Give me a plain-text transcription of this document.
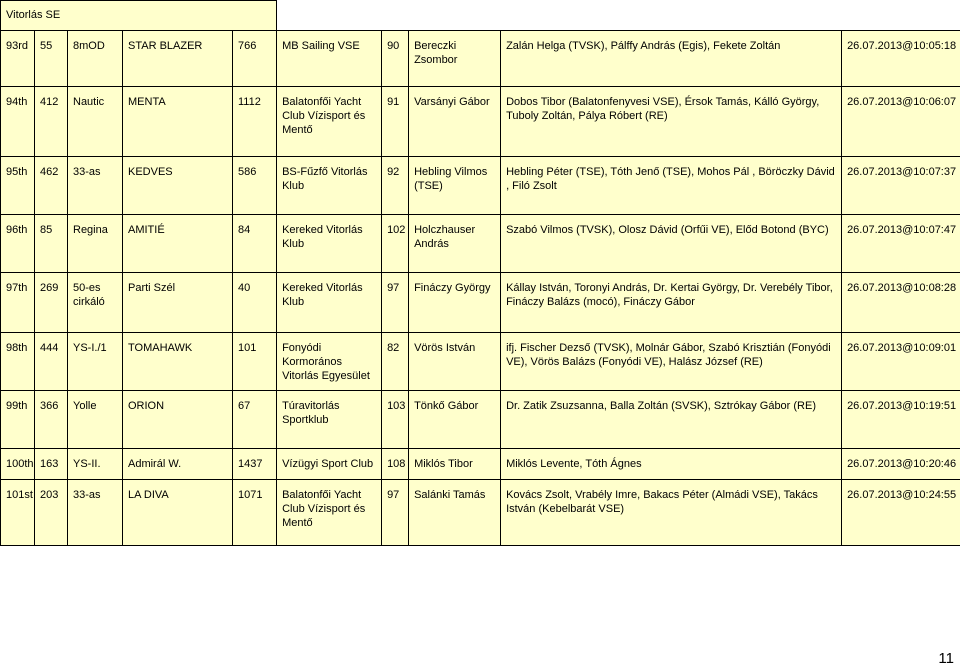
Vitorlás SE									
93rd	55	8mOD	STAR BLAZER	766	MB Sailing VSE	90	Bereczki Zsombor	Zalán Helga (TVSK), Pálffy András (Egis), Fekete Zoltán	26.07.2013@10:05:18
94th	412	Nautic	MENTA	1112	Balatonfői Yacht Club Vízisport és Mentő	91	Varsányi Gábor	Dobos Tibor (Balatonfenyvesi VSE), Érsok Tamás, Kálló György, Tuboly Zoltán, Pálya Róbert (RE)	26.07.2013@10:06:07
95th	462	33-as	KEDVES	586	BS-Fűzfő Vitorlás Klub	92	Hebling Vilmos (TSE)	Hebling Péter (TSE), Tóth Jenő (TSE), Mohos Pál , Böröczky Dávid , Filó Zsolt	26.07.2013@10:07:37
96th	85	Regina	AMITIÉ	84	Kereked Vitorlás Klub	102	Holczhauser András	Szabó Vilmos (TVSK), Olosz Dávid (Orfűi VE), Előd Botond (BYC)	26.07.2013@10:07:47
97th	269	50-es cirkáló	Parti Szél	40	Kereked Vitorlás Klub	97	Fináczy György	Kállay István, Toronyi András, Dr. Kertai György, Dr. Verebély Tibor, Fináczy Balázs (mocó), Fináczy Gábor	26.07.2013@10:08:28
98th	444	YS-I./1	TOMAHAWK	101	Fonyódi Kormorános Vitorlás Egyesület	82	Vörös István	ifj. Fischer Dezső (TVSK), Molnár Gábor, Szabó Krisztián (Fonyódi VE), Vörös Balázs (Fonyódi VE), Halász József (RE)	26.07.2013@10:09:01
99th	366	Yolle	ORION	67	Túravitorlás Sportklub	103	Tönkő Gábor	Dr. Zatik Zsuzsanna, Balla Zoltán (SVSK), Sztrókay Gábor (RE)	26.07.2013@10:19:51
100th	163	YS-II.	Admirál W.	1437	Vízügyi Sport Club	108	Miklós Tibor	Miklós Levente, Tóth Ágnes	26.07.2013@10:20:46
101st	203	33-as	LA DIVA	1071	Balatonfői Yacht Club Vízisport és Mentő	97	Salánki Tamás	Kovács Zsolt, Vrabély Imre, Bakacs Péter (Almádi VSE), Takács István (Kebelbarát VSE)	26.07.2013@10:24:55
11
